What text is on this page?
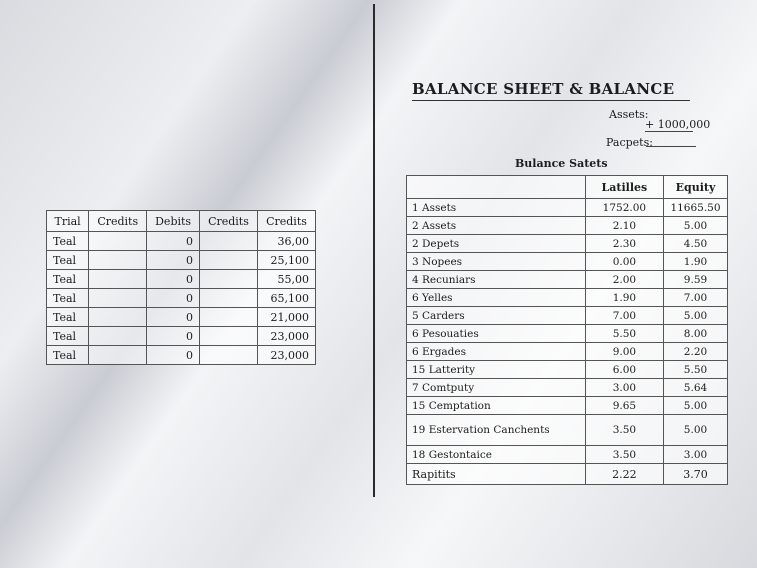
Trial	Credits	Debits	Credits	Credits
Teal		0		36,00
Teal		0		25,100
Teal		0		55,00
Teal		0		65,100
Teal		0		21,000
Teal		0		23,000
Teal		0		23,000
BALANCE SHEET & BALANCE
Assets:
+ 1000,000
Pacpets:
Bulance Satets
	Latilles	Equity
1 Assets	1752.00	11665.50
2 Assets	2.10	5.00
2 Depets	2.30	4.50
3 Nopees	0.00	1.90
4 Recuniars	2.00	9.59
6 Yelles	1.90	7.00
5 Carders	7.00	5.00
6 Pesouaties	5.50	8.00
6 Ergades	9.00	2.20
15 Latterity	6.00	5.50
7 Comtputy	3.00	5.64
15 Cemptation	9.65	5.00
19 Estervation Canchents	3.50	5.00
18 Gestontaice	3.50	3.00
Rapitits	2.22	3.70
